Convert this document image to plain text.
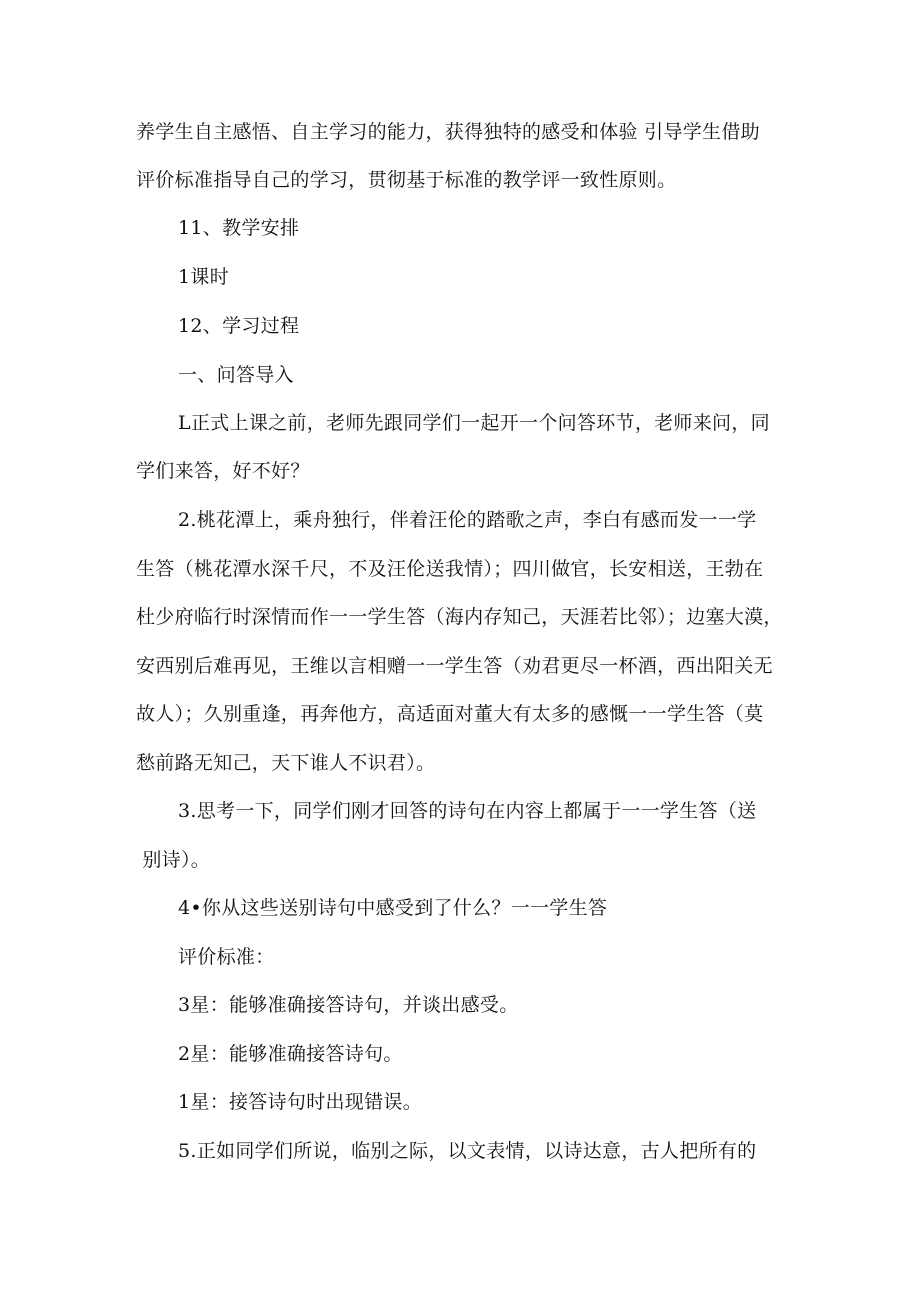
养学生自主感悟、自主学习的能力，获得独特的感受和体验 引导学生借助
评价标准指导自己的学习，贯彻基于标准的教学评一致性原则。
11、教学安排
1课时
12、学习过程
一、问答导入
L正式上课之前，老师先跟同学们一起开一个问答环节，老师来问，同
学们来答，好不好？
2.桃花潭上，乘舟独行，伴着汪伦的踏歌之声，李白有感而发一一学
生答（桃花潭水深千尺，不及汪伦送我情）；四川做官，长安相送，王勃在
杜少府临行时深情而作一一学生答（海内存知己，天涯若比邻）；边塞大漠，
安西别后难再见，王维以言相赠一一学生答（劝君更尽一杯酒，西出阳关无
故人）；久别重逢，再奔他方，高适面对董大有太多的感慨一一学生答（莫
愁前路无知己，天下谁人不识君）。
3.思考一下，同学们刚才回答的诗句在内容上都属于一一学生答（送
别诗）。
4•你从这些送别诗句中感受到了什么？一一学生答
评价标准：
3星：能够准确接答诗句，并谈出感受。
2星：能够准确接答诗句。
1星：接答诗句时出现错误。
5.正如同学们所说，临别之际，以文表情，以诗达意，古人把所有的
